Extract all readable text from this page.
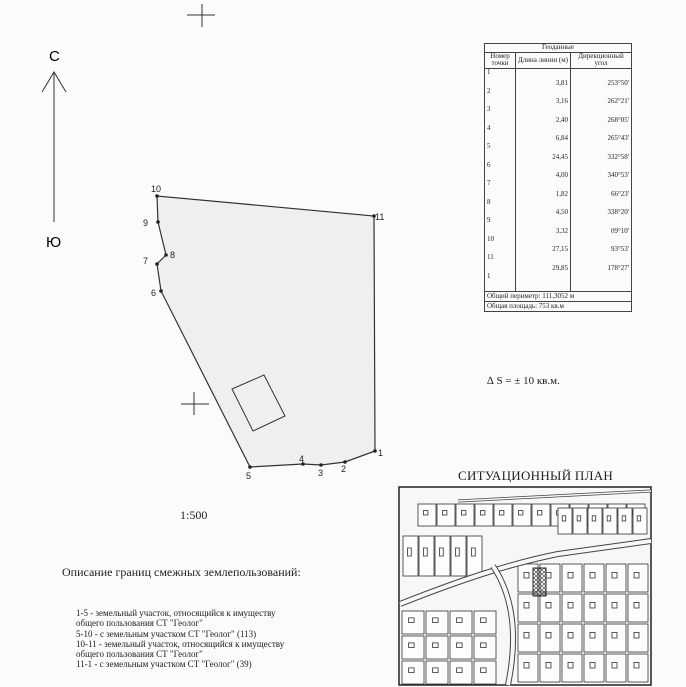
С
Ю
1
2
3
4
5
6
7
8
9
10
11
Геоданные		
Номер точки	Длина линии (м)	Дирекционный угол
1	3,81	253°50'
2	3,16	262°21'
3	2,40	268°05'
4	6,84	265°43'
5	24,45	332°58'
6	4,00	340°53'
7	1,82	66°23'
8	4,50	338°20'
9	3,32	09°10'
10	27,15	93°53'
11	29,85	178°27'
1		
Общий периметр: 111,3052 м		
Общая площадь: 753 кв.м		
∆ S = ± 10 кв.м.
1:500
Описание границ смежных землепользований:
1-5 - земельный участок, относящийся к имуществу
общего пользования СТ "Геолог"
5-10 - с земельным участком СТ "Геолог" (113)
10-11 - земельный участок, относящийся к имуществу
общего пользования СТ "Геолог"
11-1 - с земельным участком СТ "Геолог" (39)
СИТУАЦИОННЫЙ ПЛАН
